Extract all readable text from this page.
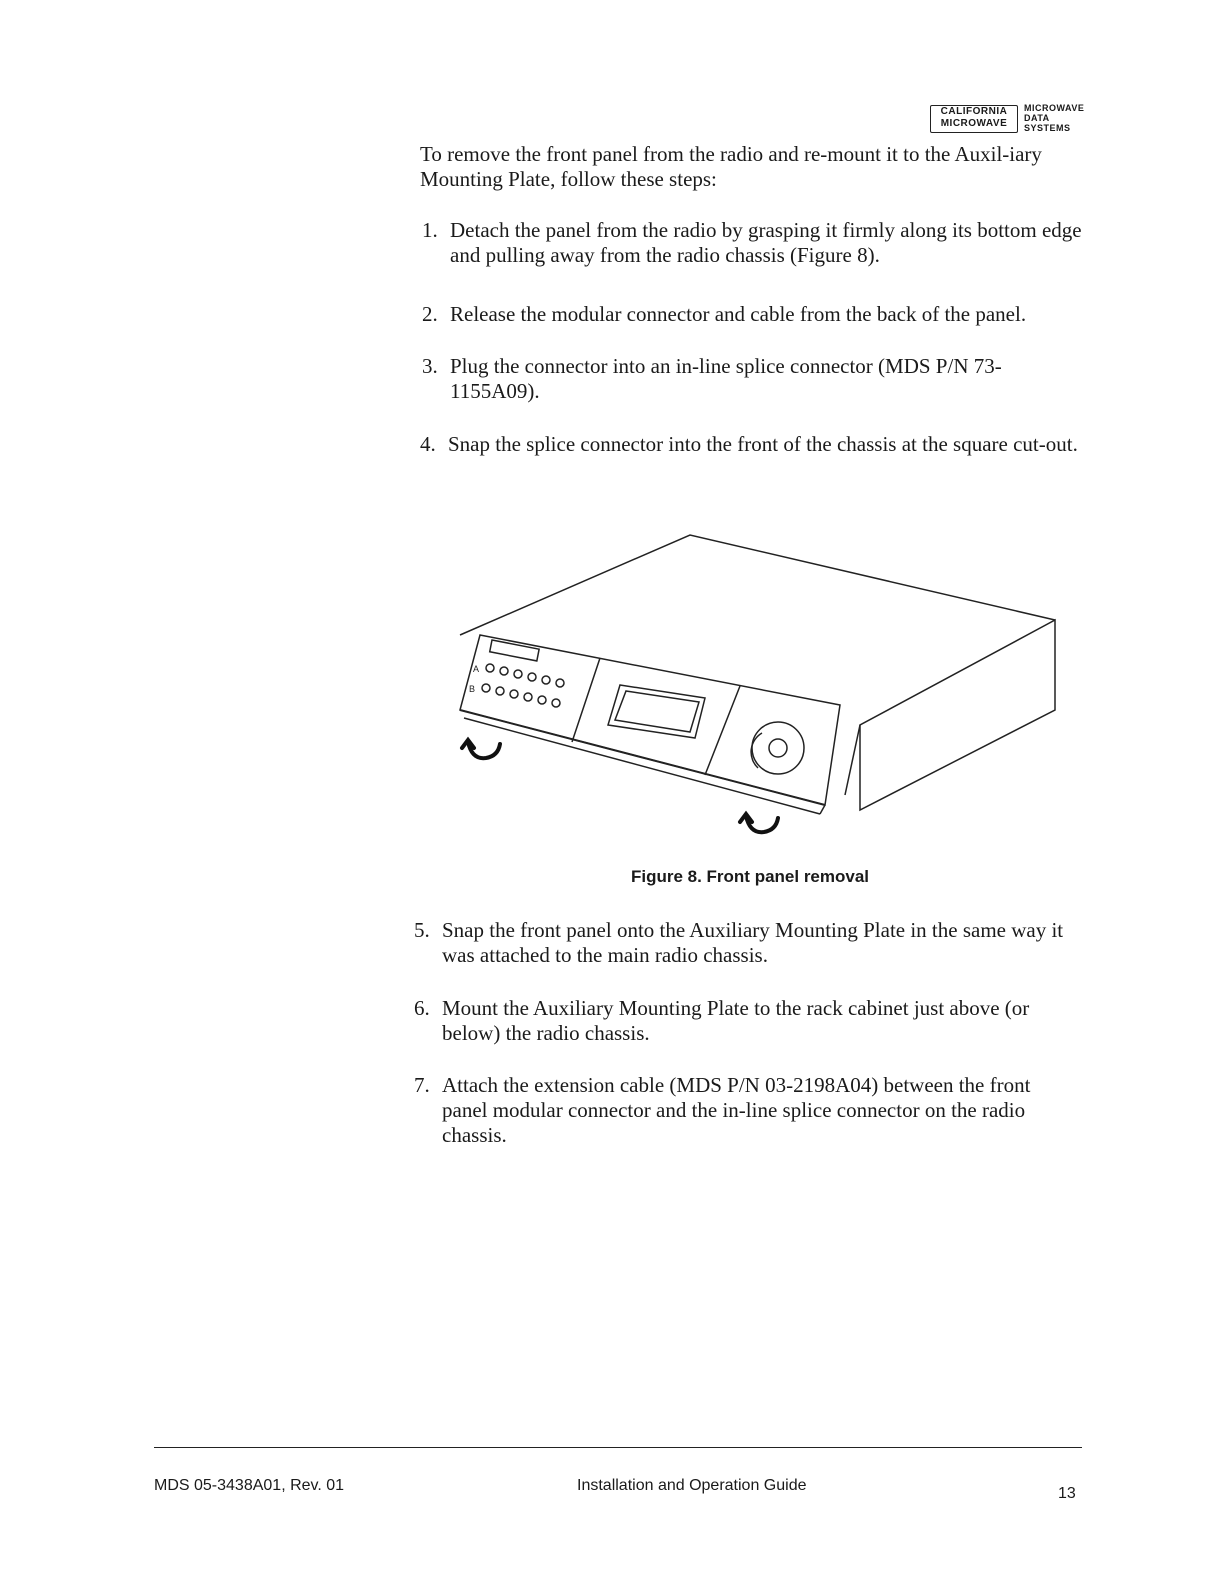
CALIFORNIA
MICROWAVE
MICROWAVE
DATA
SYSTEMS

To remove the front panel from the radio and re-mount it to the Auxil-iary Mounting Plate, follow these steps:

1. Detach the panel from the radio by grasping it firmly along its bottom edge and pulling away from the radio chassis (Figure 8).
2. Release the modular connector and cable from the back of the panel.
3. Plug the connector into an in-line splice connector (MDS P/N 73-1155A09).
4. Snap the splice connector into the front of the chassis at the square cut-out.
5. Snap the front panel onto the Auxiliary Mounting Plate in the same way it was attached to the main radio chassis.
6. Mount the Auxiliary Mounting Plate to the rack cabinet just above (or below) the radio chassis.
7. Attach the extension cable (MDS P/N 03-2198A04) between the front panel modular connector and the in-line splice connector on the radio chassis.
A
B
Figure 8. Front panel removal
MDS 05-3438A01, Rev. 01	Installation and Operation Guide	13
